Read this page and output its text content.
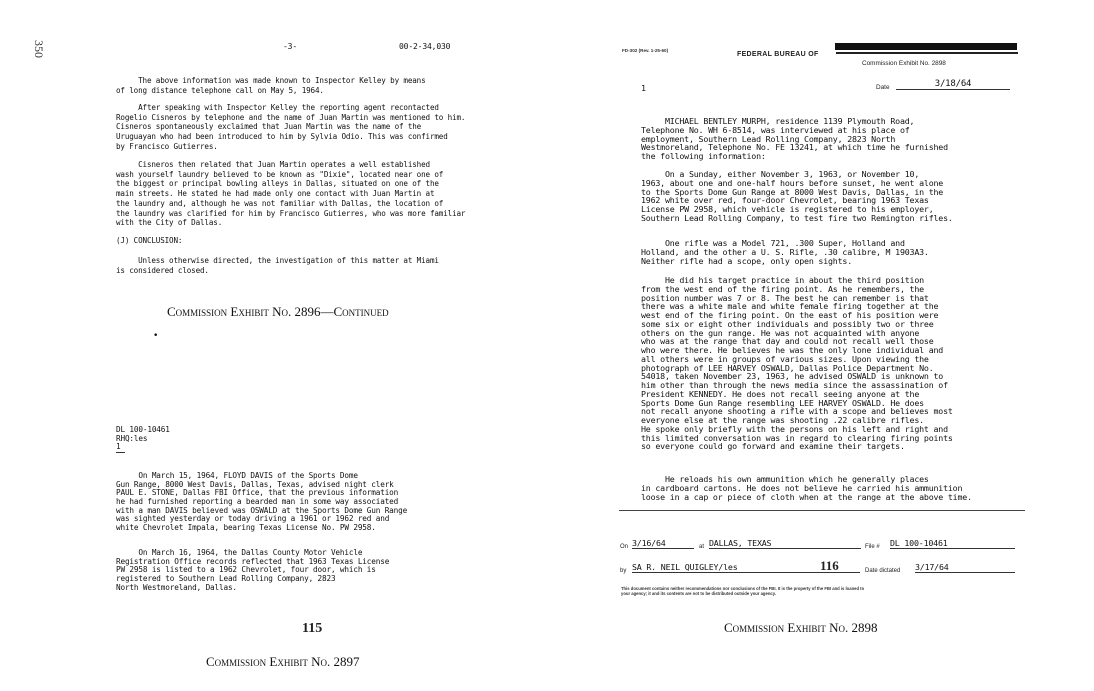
350	-3-	00-2-34,030
The above information was made known to Inspector Kelley by means
of long distance telephone call on May 5, 1964.
After speaking with Inspector Kelley the reporting agent recontacted
Rogelio Cisneros by telephone and the name of Juan Martin was mentioned to him.
Cisneros spontaneously exclaimed that Juan Martin was the name of the
Uruguayan who had been introduced to him by Sylvia Odio. This was confirmed
by Francisco Gutierres.
Cisneros then related that Juan Martin operates a well established
wash yourself laundry believed to be known as "Dixie", located near one of
the biggest or principal bowling alleys in Dallas, situated on one of the
main streets. He stated he had made only one contact with Juan Martin at
the laundry and, although he was not familiar with Dallas, the location of
the laundry was clarified for him by Francisco Gutierres, who was more familiar
with the City of Dallas.
(J) CONCLUSION:
Unless otherwise directed, the investigation of this matter at Miami
is considered closed.
Commission Exhibit No. 2896—Continued
•
DL 100-10461
RHQ:les
1
On March 15, 1964, FLOYD DAVIS of the Sports Dome
Gun Range, 8000 West Davis, Dallas, Texas, advised night clerk
PAUL E. STONE, Dallas FBI Office, that the previous information
he had furnished reporting a bearded man in some way associated
with a man DAVIS believed was OSWALD at the Sports Dome Gun Range
was sighted yesterday or today driving a 1961 or 1962 red and
white Chevrolet Impala, bearing Texas License No. PW 2958.
On March 16, 1964, the Dallas County Motor Vehicle
Registration Office records reflected that 1963 Texas License
PW 2958 is listed to a 1962 Chevrolet, four door, which is
registered to Southern Lead Rolling Company, 2823
North Westmoreland, Dallas.
115
Commission Exhibit No. 2897
FD-302 (Rev. 1-25-60)
FEDERAL BUREAU OF
Commission Exhibit No. 2898
1	Date	3/18/64
MICHAEL BENTLEY MURPH, residence 1139 Plymouth Road,
Telephone No. WH 6-8514, was interviewed at his place of
employment, Southern Lead Rolling Company, 2823 North
Westmoreland, Telephone No. FE 13241, at which time he furnished
the following information:
On a Sunday, either November 3, 1963, or November 10,
1963, about one and one-half hours before sunset, he went alone
to the Sports Dome Gun Range at 8000 West Davis, Dallas, in the
1962 white over red, four-door Chevrolet, bearing 1963 Texas
License PW 2958, which vehicle is registered to his employer,
Southern Lead Rolling Company, to test fire two Remington rifles.
One rifle was a Model 721, .300 Super, Holland and
Holland, and the other a U. S. Rifle, .30 calibre, M 1903A3.
Neither rifle had a scope, only open sights.
He did his target practice in about the third position
from the west end of the firing point. As he remembers, the
position number was 7 or 8. The best he can remember is that
there was a white male and white female firing together at the
west end of the firing point. On the east of his position were
some six or eight other individuals and possibly two or three
others on the gun range. He was not acquainted with anyone
who was at the range that day and could not recall well those
who were there. He believes he was the only lone individual and
all others were in groups of various sizes. Upon viewing the
photograph of LEE HARVEY OSWALD, Dallas Police Department No.
54018, taken November 23, 1963, he advised OSWALD is unknown to
him other than through the news media since the assassination of
President KENNEDY. He does not recall seeing anyone at the
Sports Dome Gun Range resembling LEE HARVEY OSWALD. He does
not recall anyone shooting a rifle with a scope and believes most
everyone else at the range was shooting .22 calibre rifles.
He spoke only briefly with the persons on his left and right and
this limited conversation was in regard to clearing firing points
so everyone could go forward and examine their targets.
He reloads his own ammunition which he generally places
in cardboard cartons. He does not believe he carried his ammunition
loose in a cap or piece of cloth when at the range at the above time.
On 3/16/64	at DALLAS, TEXAS	File # DL 100-10461
by SA R. NEIL QUIGLEY/les	116	Date dictated 3/17/64
This document contains neither recommendations nor conclusions of the FBI. It is the property of the FBI and is loaned to
your agency; it and its contents are not to be distributed outside your agency.
Commission Exhibit No. 2898
